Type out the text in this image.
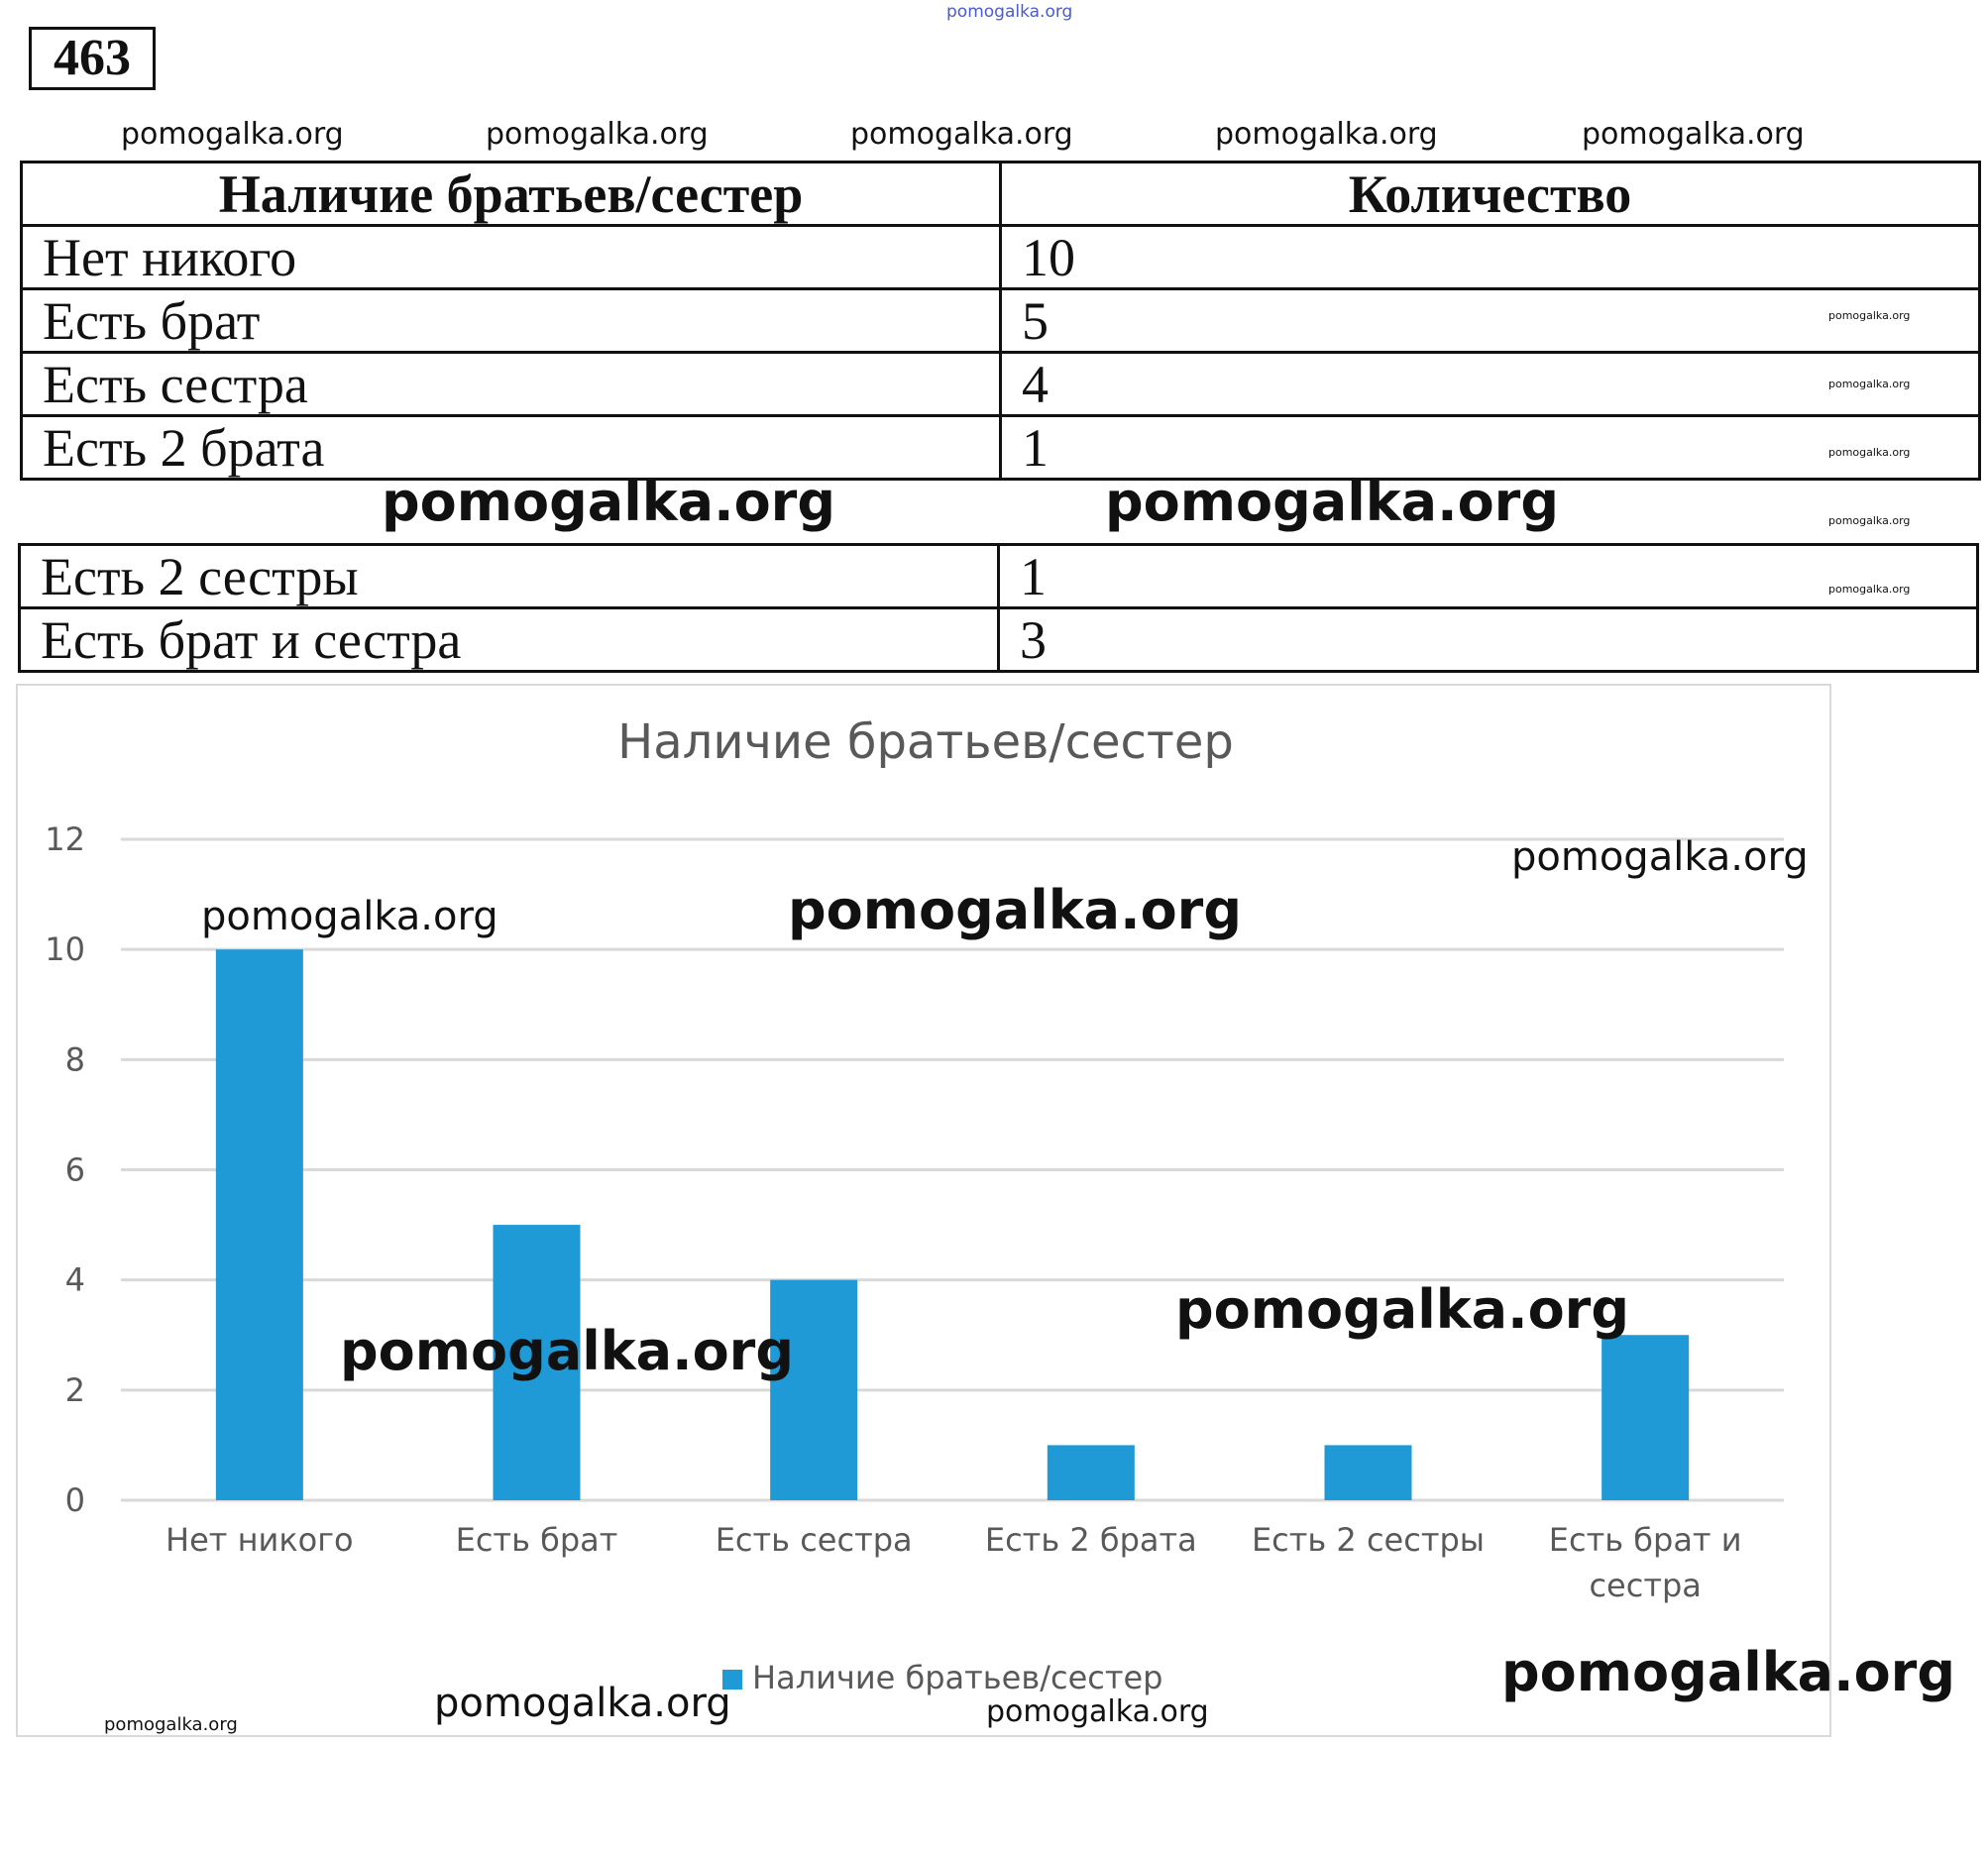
pomogalka.org
463
pomogalka.org	pomogalka.org	pomogalka.org	pomogalka.org	pomogalka.org
Наличие братьев/сестер	Количество
Нет никого	10
Есть брат	5
Есть сестра	4
Есть 2 брата	1
Есть 2 сестры	1
Есть брат и сестра	3
pomogalka.org	pomogalka.org
pomogalka.org
pomogalka.org
pomogalka.org
pomogalka.org
pomogalka.org
0
2
4
6
8
10
12
Нет никого	Есть брат	Есть сестра Есть 2 брата Есть 2 сестры Есть брат и
сестра
Наличие братьев/сестер
Наличие братьев/сестер
pomogalka.org
pomogalka.org	pomogalka.org
pomogalka.org
pomogalka.org
pomogalka.org
pomogalka.org	pomogalka.org
pomogalka.org
